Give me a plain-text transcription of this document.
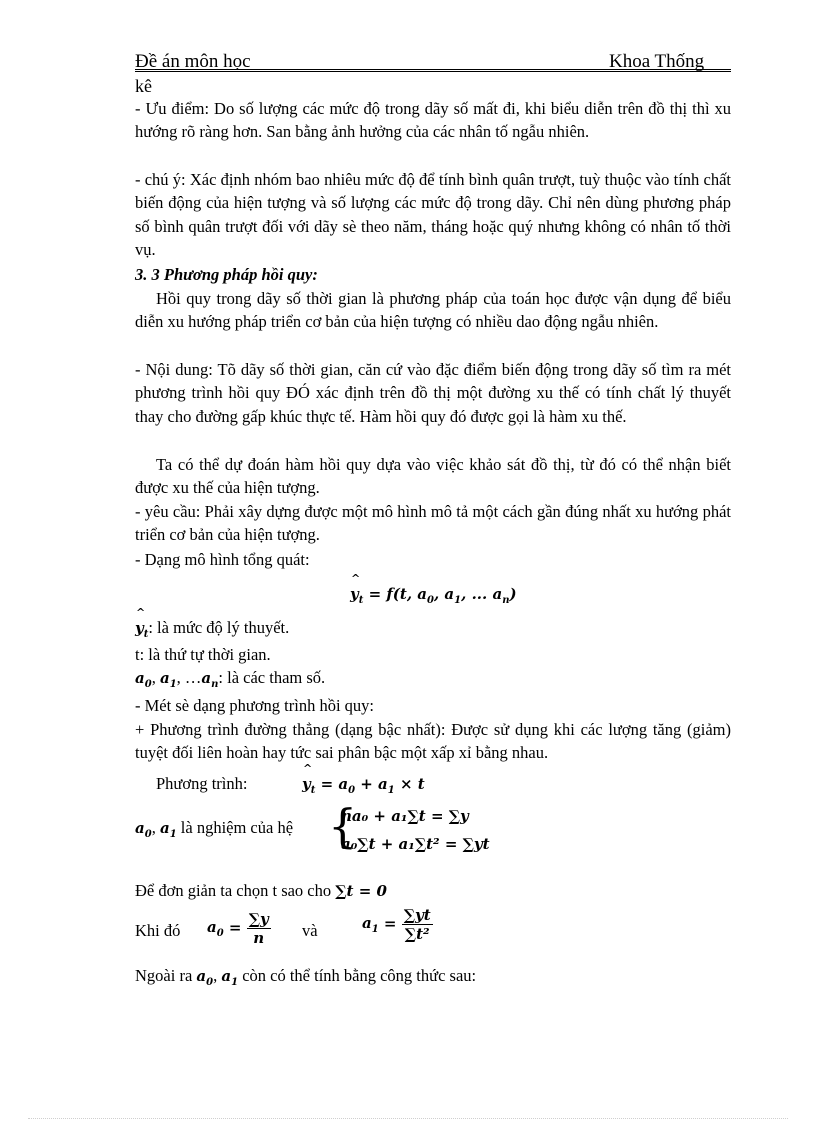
Đề án môn học	Khoa Thống
kê

- Ưu điểm: Do số lượng các mức độ trong dãy số mất đi, khi biểu diễn trên đồ thị thì xu hướng rõ ràng hơn. San bằng ảnh hưởng của các nhân tố ngẫu nhiên.

- chú ý: Xác định nhóm bao nhiêu mức độ để tính bình quân trượt, tuỳ thuộc vào tính chất biến động của hiện tượng và số lượng các mức độ trong dãy. Chỉ nên dùng phương pháp số bình quân trượt đối với dãy sè theo năm, tháng hoặc quý nhưng không có nhân tố thời vụ.

3. 3 Phương pháp hồi quy:

Hồi quy trong dãy số thời gian là phương pháp của toán học được vận dụng để biểu diễn xu hướng pháp triển cơ bản của hiện tượng có nhiều dao động ngẫu nhiên.

- Nội dung: Tõ dãy số thời gian, căn cứ vào đặc điểm biến động trong dãy số tìm ra mét phương trình hồi quy ĐÓ xác định trên đồ thị một đường xu thế có tính chất lý thuyết thay cho đường gấp khúc thực tế. Hàm hồi quy đó được gọi là hàm xu thế.

Ta có thể dự đoán hàm hồi quy dựa vào việc khảo sát đồ thị, từ đó có thể nhận biết được xu thế của hiện tượng.

- yêu cầu: Phải xây dựng được một mô hình mô tả một cách gần đúng nhất xu hướng phát triển cơ bản của hiện tượng.

- Dạng mô hình tổng quát:

^ $y_t = f(t$, $a_0$, $a_1$, ... $a_n$)
^ $y_t$: là mức độ lý thuyết.
t: là thứ tự thời gian.
$a_0$, $a_1$, $\dots a_n$: là các tham số.

- Mét sè dạng phương trình hồi quy:

+ Phương trình đường thẳng (dạng bậc nhất): Được sử dụng khi các lượng tăng (giảm) tuyệt đối liên hoàn hay tức sai phân bậc một xấp xỉ bằng nhau.

Phương trình:
^	$y_t = a_0 + a_1 \times t$
$a_0$, $a_1$ là nghiệm của hệ {
na₀ + a₁∑t = ∑y
a₀∑t + a₁∑t² = ∑yt
Để đơn giản ta chọn t sao cho ∑t = 0
Khi đó $a_0 = \frac{\sum y}{n}$ và	$a_1 = \frac{\sum yt}{\text{∑t²}}$
Ngoài ra $a_0$, $a_1$ còn có thể tính bằng công thức sau:
